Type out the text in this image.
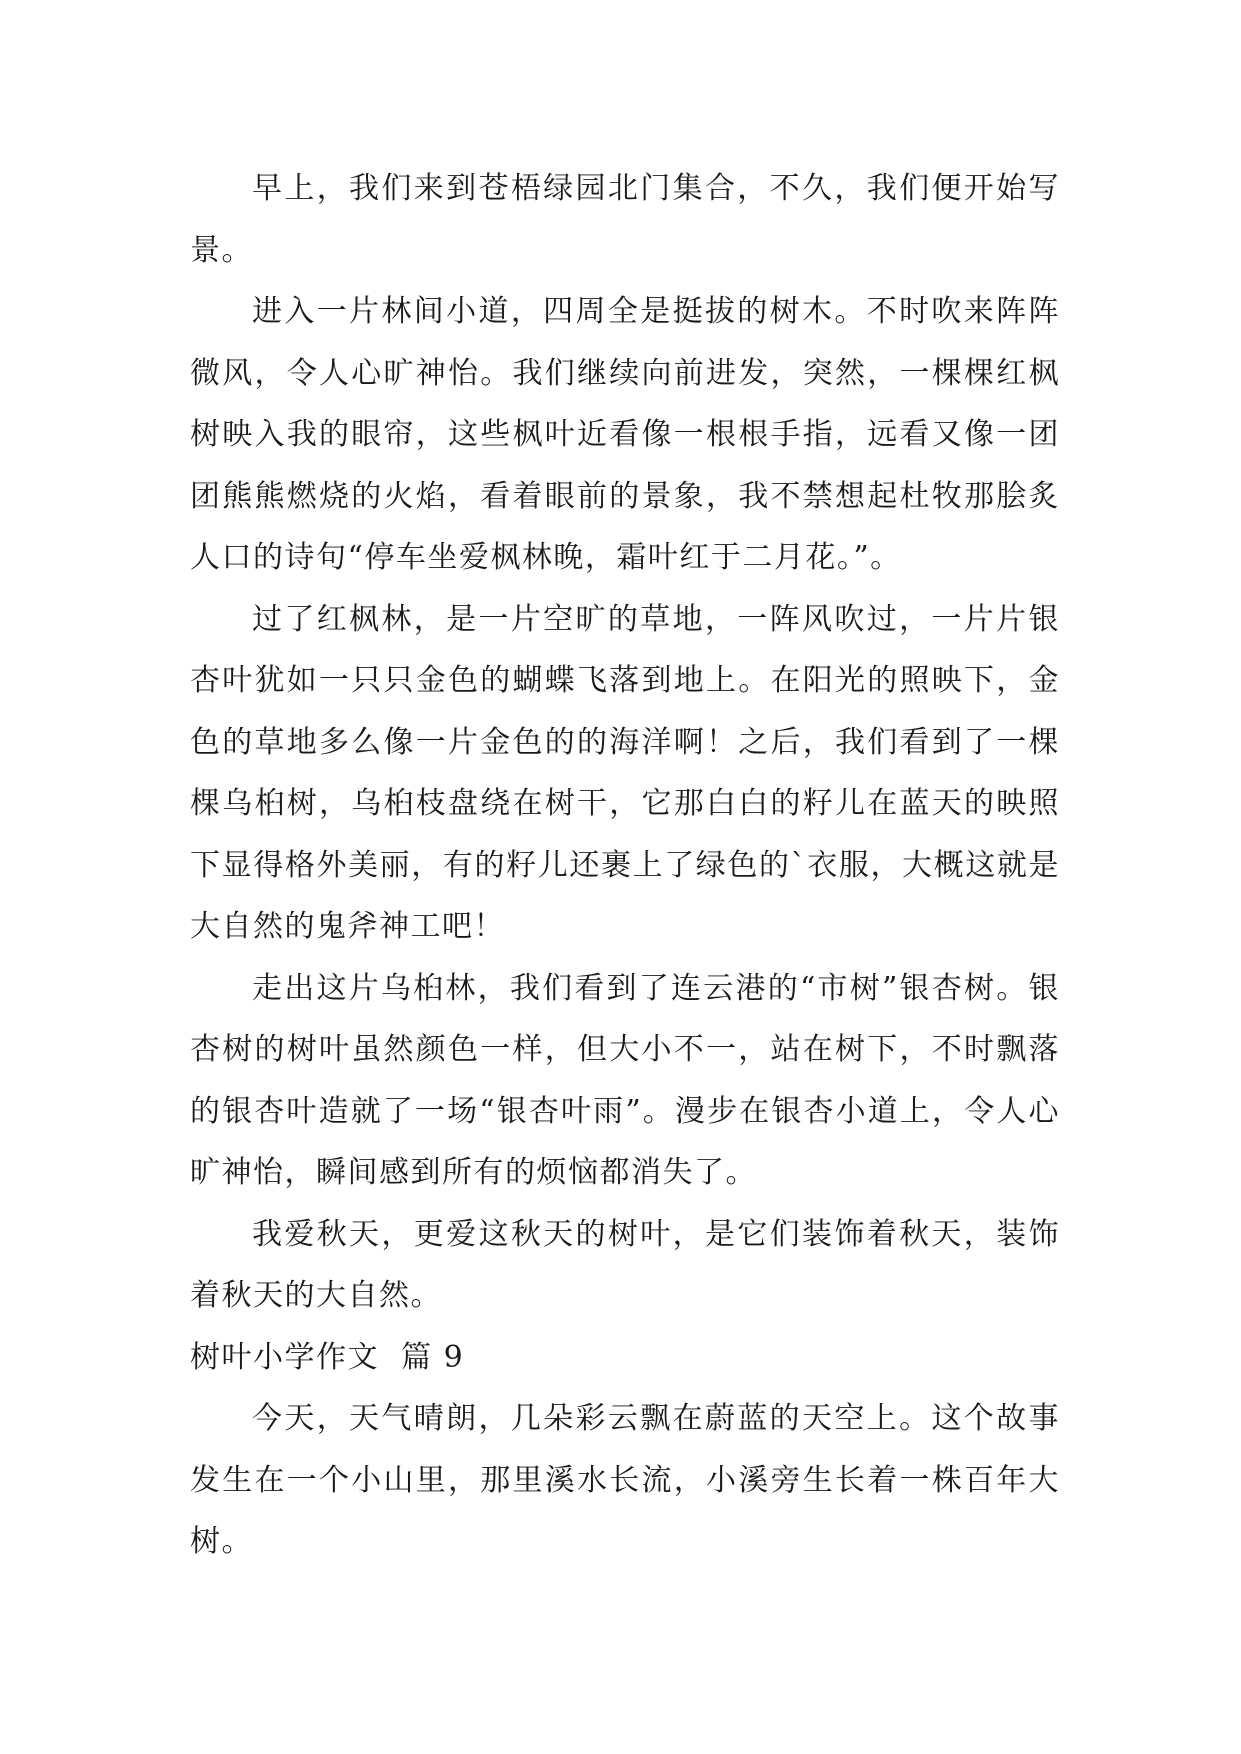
早上，我们来到苍梧绿园北门集合，不久，我们便开始写景。

进入一片林间小道，四周全是挺拔的树木。不时吹来阵阵微风，令人心旷神怡。我们继续向前进发，突然，一棵棵红枫树映入我的眼帘，这些枫叶近看像一根根手指，远看又像一团团熊熊燃烧的火焰，看着眼前的景象，我不禁想起杜牧那脍炙人口的诗句“停车坐爱枫林晚，霜叶红于二月花。”。

过了红枫林，是一片空旷的草地，一阵风吹过，一片片银杏叶犹如一只只金色的蝴蝶飞落到地上。在阳光的照映下，金色的草地多么像一片金色的的海洋啊！之后，我们看到了一棵棵乌桕树，乌桕枝盘绕在树干，它那白白的籽儿在蓝天的映照下显得格外美丽，有的籽儿还裹上了绿色的`衣服，大概这就是大自然的鬼斧神工吧！

走出这片乌桕林，我们看到了连云港的“市树”银杏树。银杏树的树叶虽然颜色一样，但大小不一，站在树下，不时飘落的银杏叶造就了一场“银杏叶雨”。漫步在银杏小道上，令人心旷神怡，瞬间感到所有的烦恼都消失了。

我爱秋天，更爱这秋天的树叶，是它们装饰着秋天，装饰着秋天的大自然。

树叶小学作文  篇 9

今天，天气晴朗，几朵彩云飘在蔚蓝的天空上。这个故事发生在一个小山里，那里溪水长流，小溪旁生长着一株百年大树。
